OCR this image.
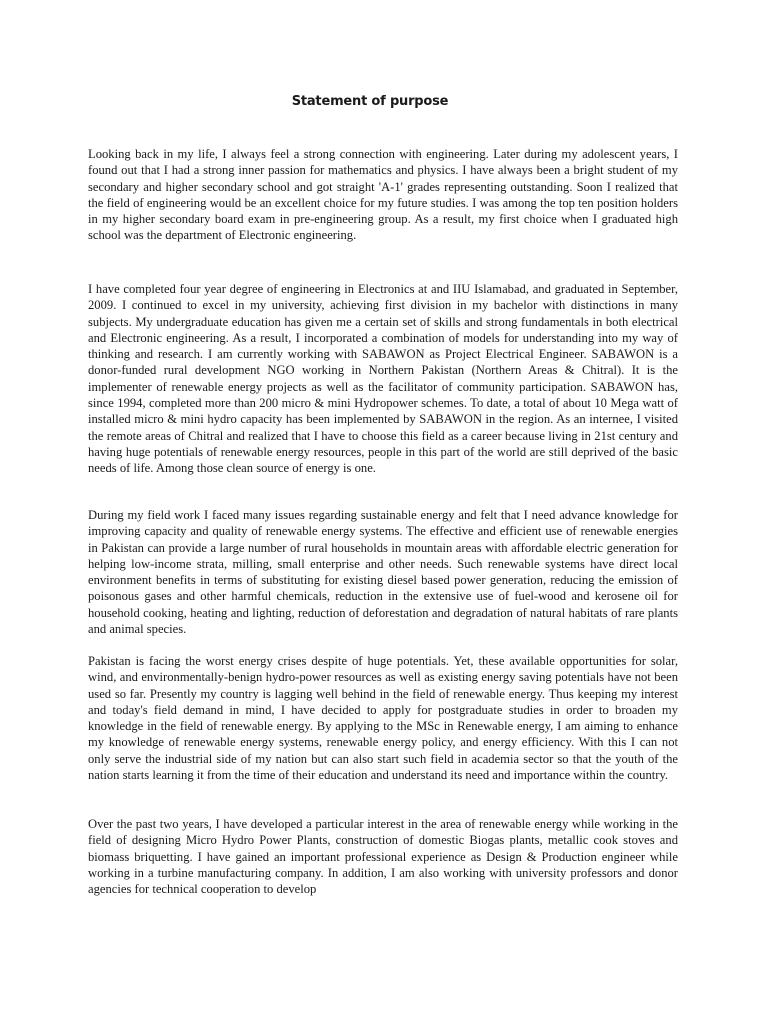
Statement of purpose

Looking back in my life, I always feel a strong connection with engineering. Later during my adolescent years, I found out that I had a strong inner passion for mathematics and physics. I have always been a bright student of my secondary and higher secondary school and got straight 'A-1' grades representing outstanding. Soon I realized that the field of engineering would be an excellent choice for my future studies. I was among the top ten position holders in my higher secondary board exam in pre-engineering group. As a result, my first choice when I graduated high school was the department of Electronic engineering.

I have completed four year degree of engineering in Electronics at and IIU Islamabad, and graduated in September, 2009. I continued to excel in my university, achieving first division in my bachelor with distinctions in many subjects. My undergraduate education has given me a certain set of skills and strong fundamentals in both electrical and Electronic engineering. As a result, I incorporated a combination of models for understanding into my way of thinking and research. I am currently working with SABAWON as Project Electrical Engineer. SABAWON is a donor-funded rural development NGO working in Northern Pakistan (Northern Areas & Chitral). It is the implementer of renewable energy projects as well as the facilitator of community participation. SABAWON has, since 1994, completed more than 200 micro & mini Hydropower schemes. To date, a total of about 10 Mega watt of installed micro & mini hydro capacity has been implemented by SABAWON in the region. As an internee, I visited the remote areas of Chitral and realized that I have to choose this field as a career because living in 21st century and having huge potentials of renewable energy resources, people in this part of the world are still deprived of the basic needs of life. Among those clean source of energy is one.

During my field work I faced many issues regarding sustainable energy and felt that I need advance knowledge for improving capacity and quality of renewable energy systems. The effective and efficient use of renewable energies in Pakistan can provide a large number of rural households in mountain areas with affordable electric generation for helping low-income strata, milling, small enterprise and other needs. Such renewable systems have direct local environment benefits in terms of substituting for existing diesel based power generation, reducing the emission of poisonous gases and other harmful chemicals, reduction in the extensive use of fuel-wood and kerosene oil for household cooking, heating and lighting, reduction of deforestation and degradation of natural habitats of rare plants and animal species.

Pakistan is facing the worst energy crises despite of huge potentials. Yet, these available opportunities for solar, wind, and environmentally-benign hydro-power resources as well as existing energy saving potentials have not been used so far. Presently my country is lagging well behind in the field of renewable energy. Thus keeping my interest and today's field demand in mind, I have decided to apply for postgraduate studies in order to broaden my knowledge in the field of renewable energy. By applying to the MSc in Renewable energy, I am aiming to enhance my knowledge of renewable energy systems, renewable energy policy, and energy efficiency. With this I can not only serve the industrial side of my nation but can also start such field in academia sector so that the youth of the nation starts learning it from the time of their education and understand its need and importance within the country.

Over the past two years, I have developed a particular interest in the area of renewable energy while working in the field of designing Micro Hydro Power Plants, construction of domestic Biogas plants, metallic cook stoves and biomass briquetting. I have gained an important professional experience as Design & Production engineer while working in a turbine manufacturing company. In addition, I am also working with university professors and donor agencies for technical cooperation to develop
